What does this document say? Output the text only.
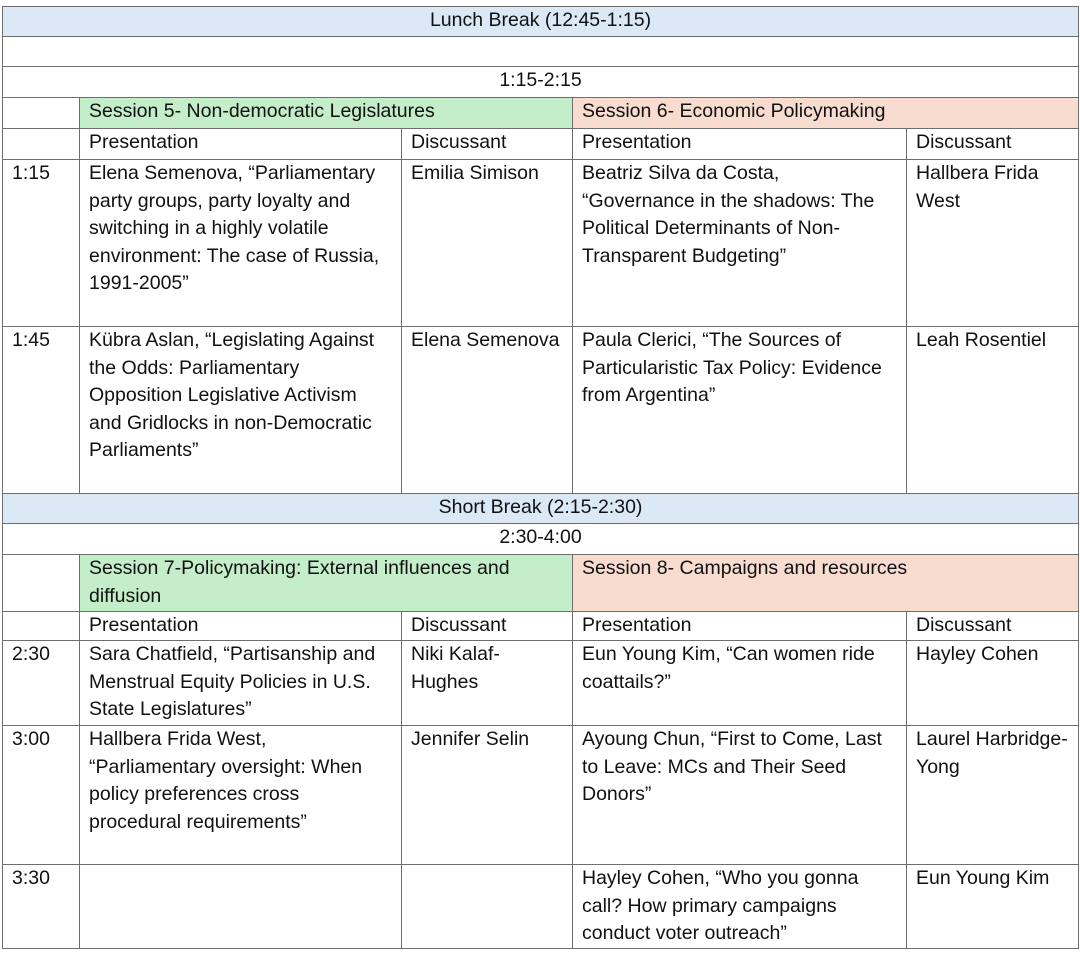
Lunch Break (12:45-1:15)				

1:15-2:15				
	Session 5- Non-democratic Legislatures		Session 6- Economic Policymaking	
	Presentation	Discussant	Presentation	Discussant
1:15	Elena Semenova, “Parliamentary party groups, party loyalty and switching in a highly volatile environment: The case of Russia, 1991-2005”	Emilia Simison	Beatriz Silva da Costa, “Governance in the shadows: The Political Determinants of Non-Transparent Budgeting”	Hallbera Frida West
1:45	Kübra Aslan, “Legislating Against the Odds: Parliamentary Opposition Legislative Activism and Gridlocks in non-Democratic Parliaments”	Elena Semenova	Paula Clerici, “The Sources of Particularistic Tax Policy: Evidence from Argentina”	Leah Rosentiel
Short Break (2:15-2:30)				
2:30-4:00				
	Session 7-Policymaking: External influences and diffusion		Session 8- Campaigns and resources	
	Presentation	Discussant	Presentation	Discussant
2:30	Sara Chatfield, “Partisanship and Menstrual Equity Policies in U.S. State Legislatures”	Niki Kalaf-Hughes	Eun Young Kim, “Can women ride coattails?”	Hayley Cohen
3:00	Hallbera Frida West, “Parliamentary oversight: When policy preferences cross procedural requirements”	Jennifer Selin	Ayoung Chun, “First to Come, Last to Leave: MCs and Their Seed Donors”	Laurel Harbridge-Yong
3:30			Hayley Cohen, “Who you gonna call? How primary campaigns conduct voter outreach”	Eun Young Kim
